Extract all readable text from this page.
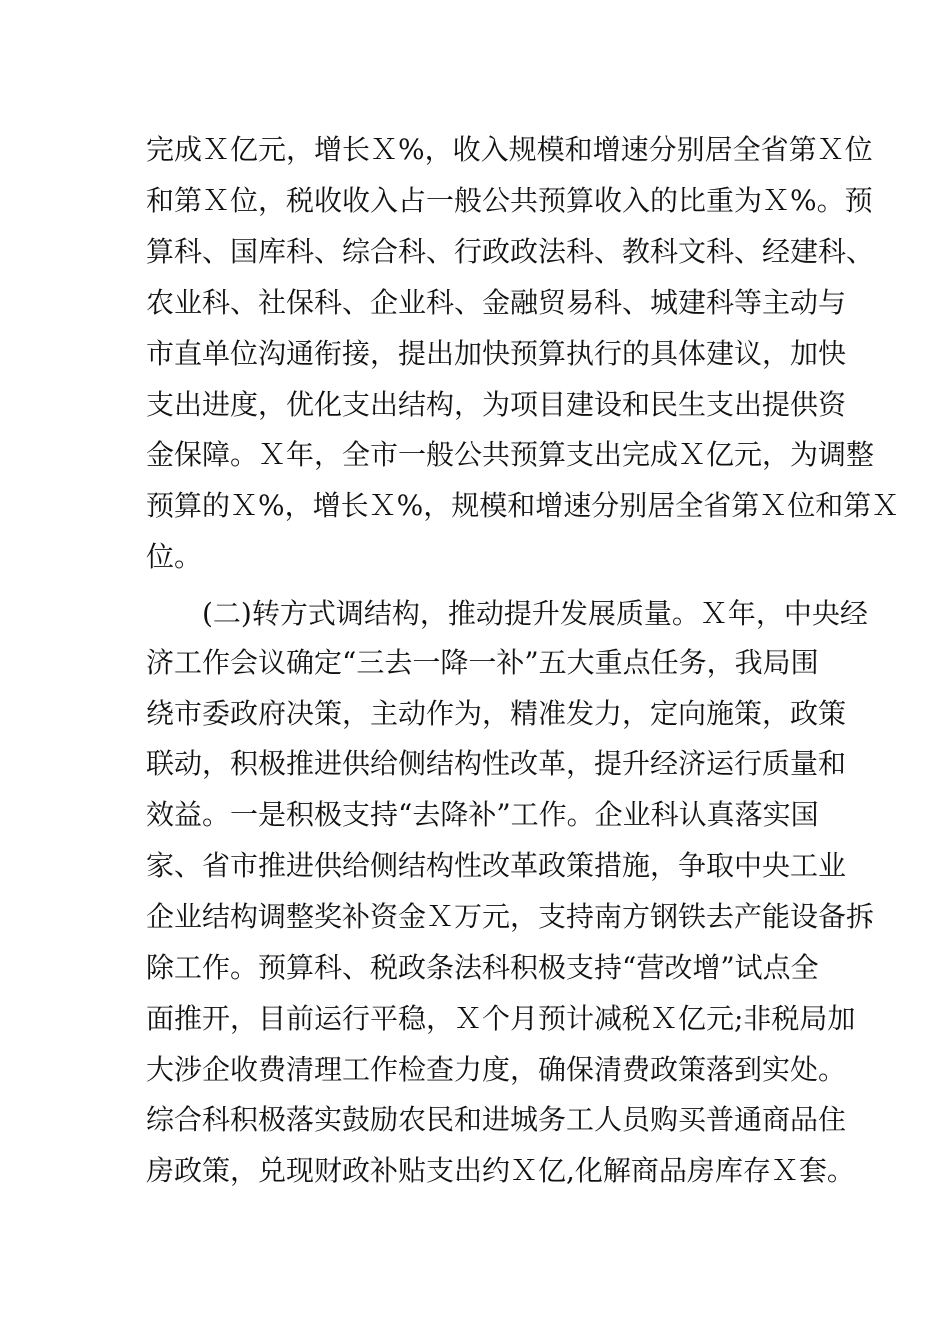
完成Ｘ亿元，增长Ｘ%，收入规模和增速分别居全省第Ｘ位
和第Ｘ位，税收收入占一般公共预算收入的比重为Ｘ%。预
算科、国库科、综合科、行政政法科、教科文科、经建科、
农业科、社保科、企业科、金融贸易科、城建科等主动与
市直单位沟通衔接，提出加快预算执行的具体建议，加快
支出进度，优化支出结构，为项目建设和民生支出提供资
金保障。Ｘ年，全市一般公共预算支出完成Ｘ亿元，为调整
预算的Ｘ%，增长Ｘ%，规模和增速分别居全省第Ｘ位和第Ｘ
位。
(二)转方式调结构，推动提升发展质量。Ｘ年，中央经
济工作会议确定“三去一降一补”五大重点任务，我局围
绕市委政府决策，主动作为，精准发力，定向施策，政策
联动，积极推进供给侧结构性改革，提升经济运行质量和
效益。一是积极支持“去降补”工作。企业科认真落实国
家、省市推进供给侧结构性改革政策措施，争取中央工业
企业结构调整奖补资金Ｘ万元，支持南方钢铁去产能设备拆
除工作。预算科、税政条法科积极支持“营改增”试点全
面推开，目前运行平稳，Ｘ个月预计减税Ｘ亿元;非税局加
大涉企收费清理工作检查力度，确保清费政策落到实处。
综合科积极落实鼓励农民和进城务工人员购买普通商品住
房政策，兑现财政补贴支出约Ｘ亿,化解商品房库存Ｘ套。
